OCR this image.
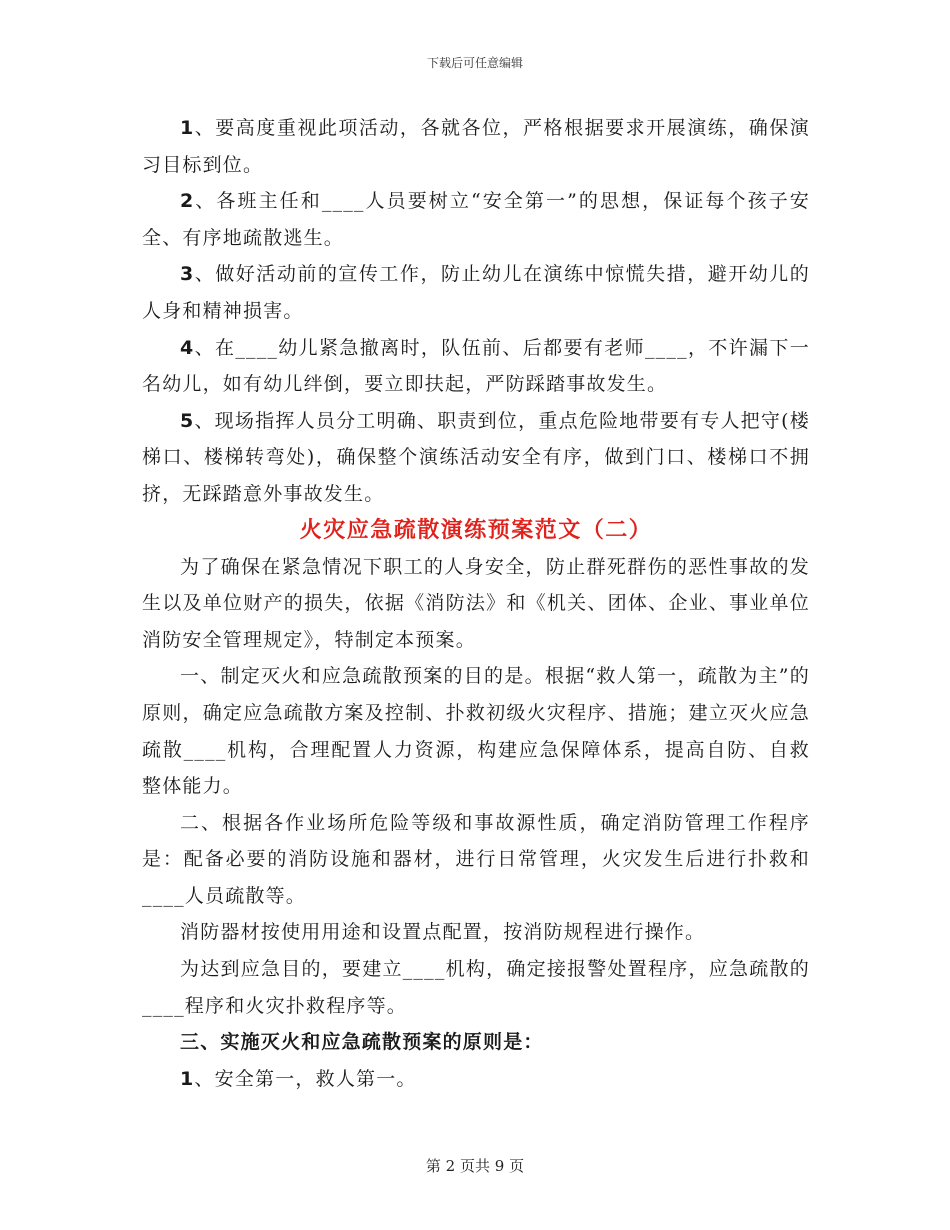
下载后可任意编辑

1、要高度重视此项活动，各就各位，严格根据要求开展演练，确保演习目标到位。

2、各班主任和____人员要树立“安全第一”的思想，保证每个孩子安全、有序地疏散逃生。

3、做好活动前的宣传工作，防止幼儿在演练中惊慌失措，避开幼儿的人身和精神损害。

4、在____幼儿紧急撤离时，队伍前、后都要有老师____，不许漏下一名幼儿，如有幼儿绊倒，要立即扶起，严防踩踏事故发生。

5、现场指挥人员分工明确、职责到位，重点危险地带要有专人把守(楼梯口、楼梯转弯处)，确保整个演练活动安全有序，做到门口、楼梯口不拥挤，无踩踏意外事故发生。

火灾应急疏散演练预案范文（二）

为了确保在紧急情况下职工的人身安全，防止群死群伤的恶性事故的发生以及单位财产的损失，依据《消防法》和《机关、团体、企业、事业单位消防安全管理规定》，特制定本预案。

一、制定灭火和应急疏散预案的目的是。根据“救人第一，疏散为主”的原则，确定应急疏散方案及控制、扑救初级火灾程序、措施；建立灭火应急疏散____机构，合理配置人力资源，构建应急保障体系，提高自防、自救整体能力。

二、根据各作业场所危险等级和事故源性质，确定消防管理工作程序是：配备必要的消防设施和器材，进行日常管理，火灾发生后进行扑救和____人员疏散等。

消防器材按使用用途和设置点配置，按消防规程进行操作。

为达到应急目的，要建立____机构，确定接报警处置程序，应急疏散的____程序和火灾扑救程序等。

三、实施灭火和应急疏散预案的原则是：

1、安全第一，救人第一。

第 2 页共 9 页
